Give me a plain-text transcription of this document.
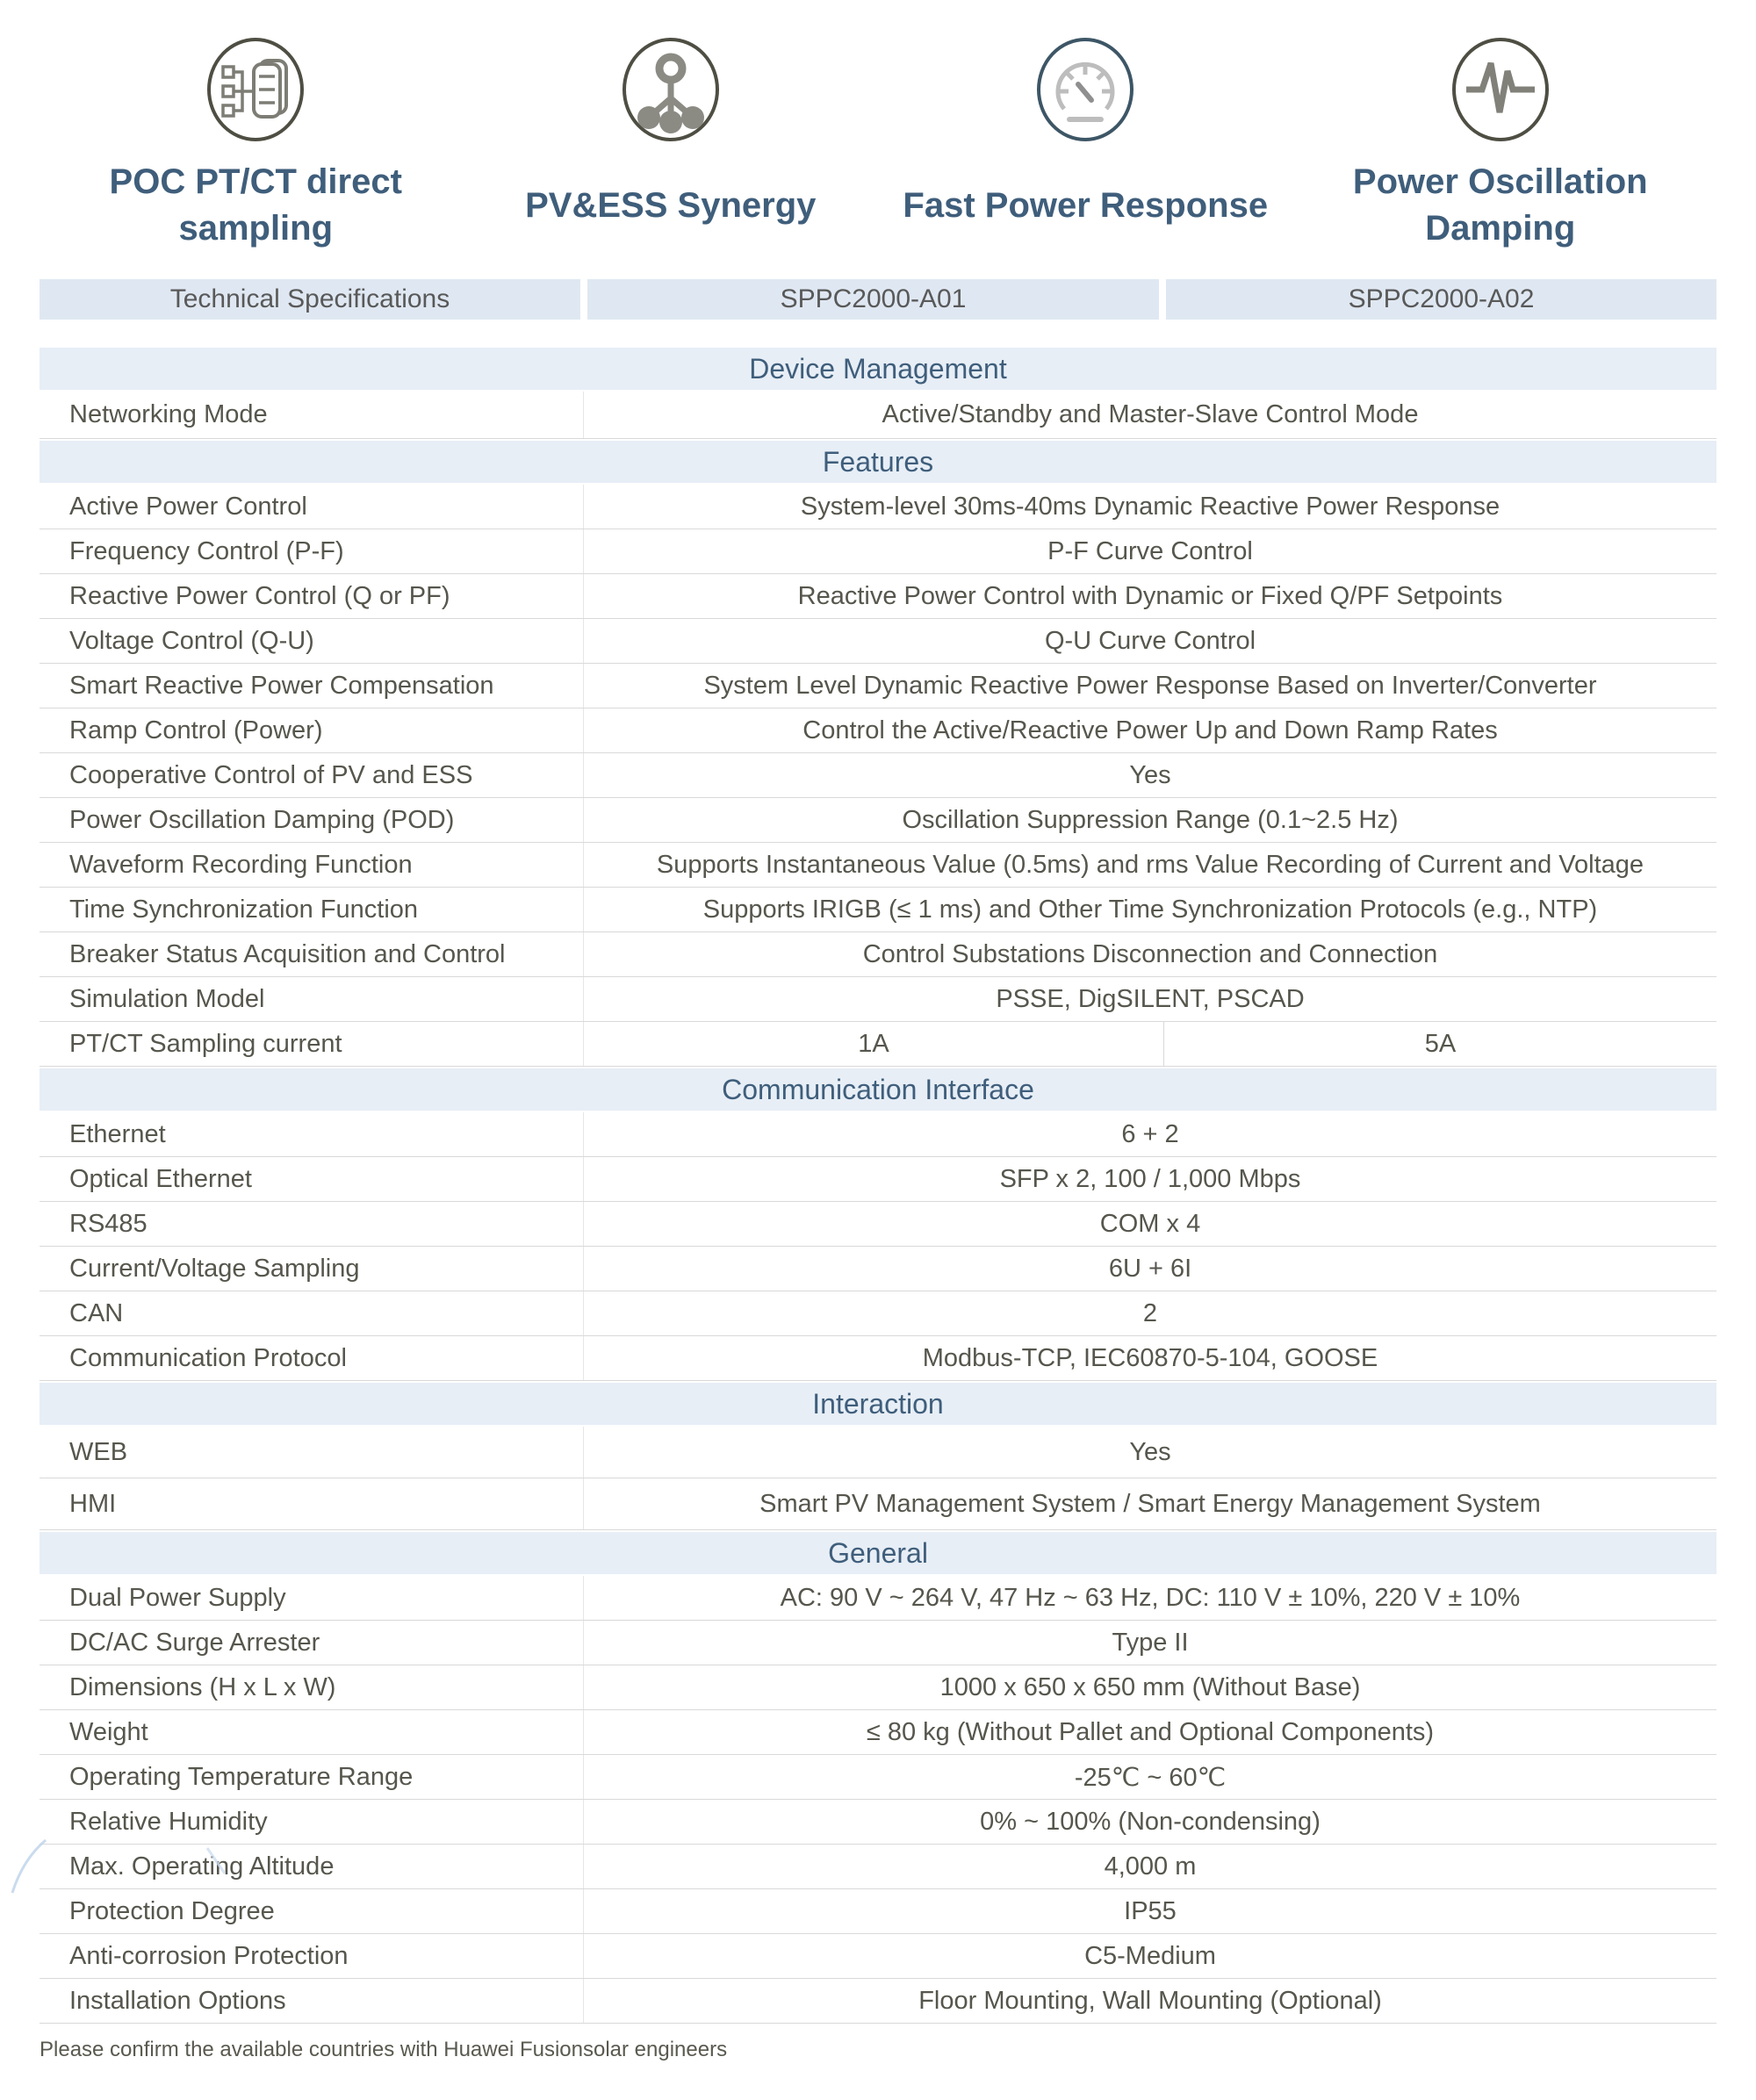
POC PT/CT direct sampling
PV&ESS Synergy Fast Power Response
Power Oscillation Damping
Technical Specifications	SPPC2000-A01	SPPC2000-A02
Device Management
Networking Mode	Active/Standby and Master-Slave Control Mode
Features
Active Power Control	System-level 30ms-40ms Dynamic Reactive Power Response
Frequency Control (P-F)	P-F Curve Control
Reactive Power Control (Q or PF)	Reactive Power Control with Dynamic or Fixed Q/PF Setpoints
Voltage Control (Q-U)	Q-U Curve Control
Smart Reactive Power Compensation	System Level Dynamic Reactive Power Response Based on Inverter/Converter
Ramp Control (Power)	Control the Active/Reactive Power Up and Down Ramp Rates
Cooperative Control of PV and ESS	Yes
Power Oscillation Damping (POD)	Oscillation Suppression Range (0.1~2.5 Hz)
Waveform Recording Function	Supports Instantaneous Value (0.5ms) and rms Value Recording of Current and Voltage
Time Synchronization Function	Supports IRIGB (≤ 1 ms) and Other Time Synchronization Protocols (e.g., NTP)
Breaker Status Acquisition and Control	Control Substations Disconnection and Connection
Simulation Model	PSSE, DigSILENT, PSCAD
PT/CT Sampling current	1A	5A
Communication Interface
Ethernet	6 + 2
Optical Ethernet	SFP x 2, 100 / 1,000 Mbps
RS485	COM x 4
Current/Voltage Sampling	6U + 6I
CAN	2
Communication Protocol	Modbus-TCP, IEC60870-5-104, GOOSE
Interaction
WEB	Yes
HMI	Smart PV Management System / Smart Energy Management System
General
Dual Power Supply	AC: 90 V ~ 264 V, 47 Hz ~ 63 Hz, DC: 110 V ± 10%, 220 V ± 10%
DC/AC Surge Arrester	Type II
Dimensions (H x L x W)	1000 x 650 x 650 mm (Without Base)
Weight	≤ 80 kg (Without Pallet and Optional Components)
Operating Temperature Range	-25℃ ~ 60℃
Relative Humidity	0% ~ 100% (Non-condensing)
Max. Operating Altitude	4,000 m
Protection Degree	IP55
Anti-corrosion Protection	C5-Medium
Installation Options	Floor Mounting, Wall Mounting (Optional)
Please confirm the available countries with Huawei Fusionsolar engineers
